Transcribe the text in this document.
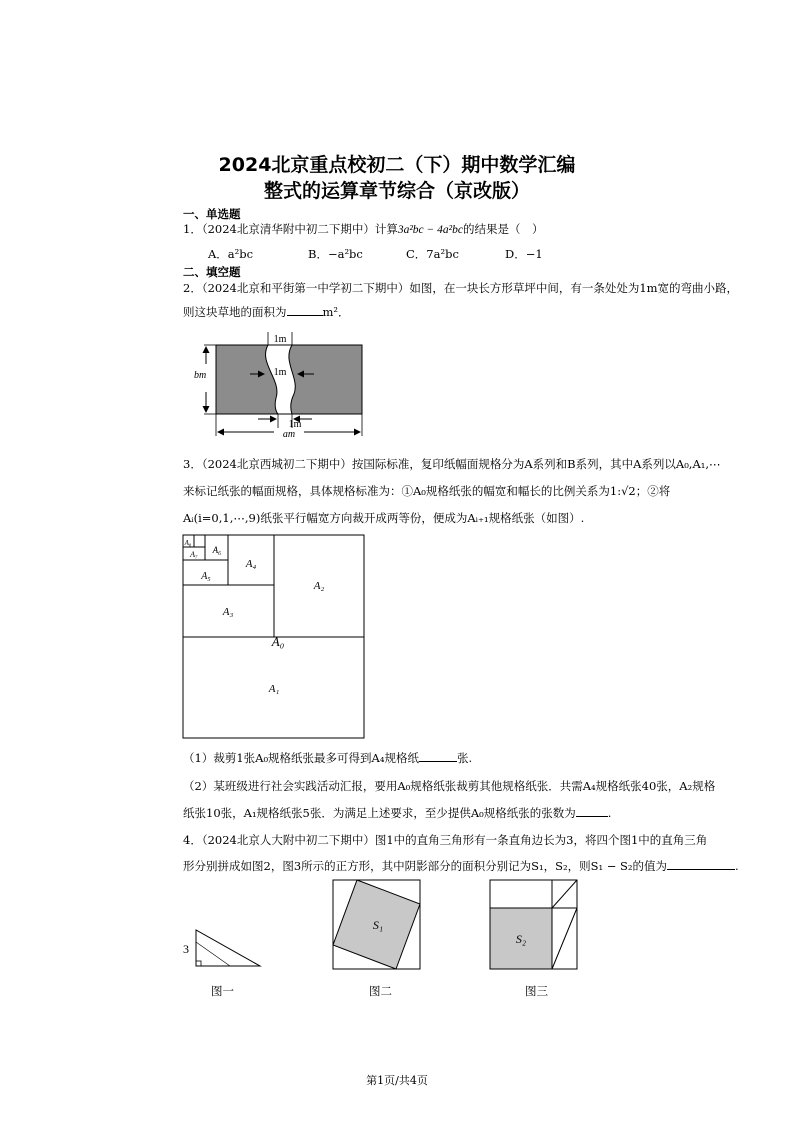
2024北京重点校初二（下）期中数学汇编
整式的运算章节综合（京改版）
一、单选题
1．（2024北京清华附中初二下期中）计算3a²bc − 4a²bc的结果是（　）
A．a²bc	B．−a²bc	C．7a²bc	D．−1
二、填空题
2．（2024北京和平街第一中学初二下期中）如图，在一块长方形草坪中间，有一条处处为1m宽的弯曲小路，
则这块草地的面积为	m²．
1m
1m
bm
1m
am
3．（2024北京西城初二下期中）按国际标准，复印纸幅面规格分为A系列和B系列，其中A系列以A₀,A₁,⋯
来标记纸张的幅面规格，具体规格标准为：①A₀规格纸张的幅宽和幅长的比例关系为1:√2；②将
Aᵢ(i=0,1,⋯,9)纸张平行幅宽方向裁开成两等份，便成为Aᵢ₊₁规格纸张（如图）.
A₂
A₃
A₄
A₅
A₆
A₇
A₈
A₀
A₁
（1）裁剪1张A₀规格纸张最多可得到A₄规格纸	张.
（2）某班级进行社会实践活动汇报，要用A₀规格纸张裁剪其他规格纸张．共需A₄规格纸张40张，A₂规格
纸张10张，A₁规格纸张5张．为满足上述要求，至少提供A₀规格纸张的张数为	.
4．（2024北京人大附中初二下期中）图1中的直角三角形有一条直角边长为3，将四个图1中的直角三角
形分别拼成如图2，图3所示的正方形，其中阴影部分的面积分别记为S₁，S₂，则S₁ − S₂的值为	.
3
S₁
S₂
图一	图二	图三
第1页/共4页
